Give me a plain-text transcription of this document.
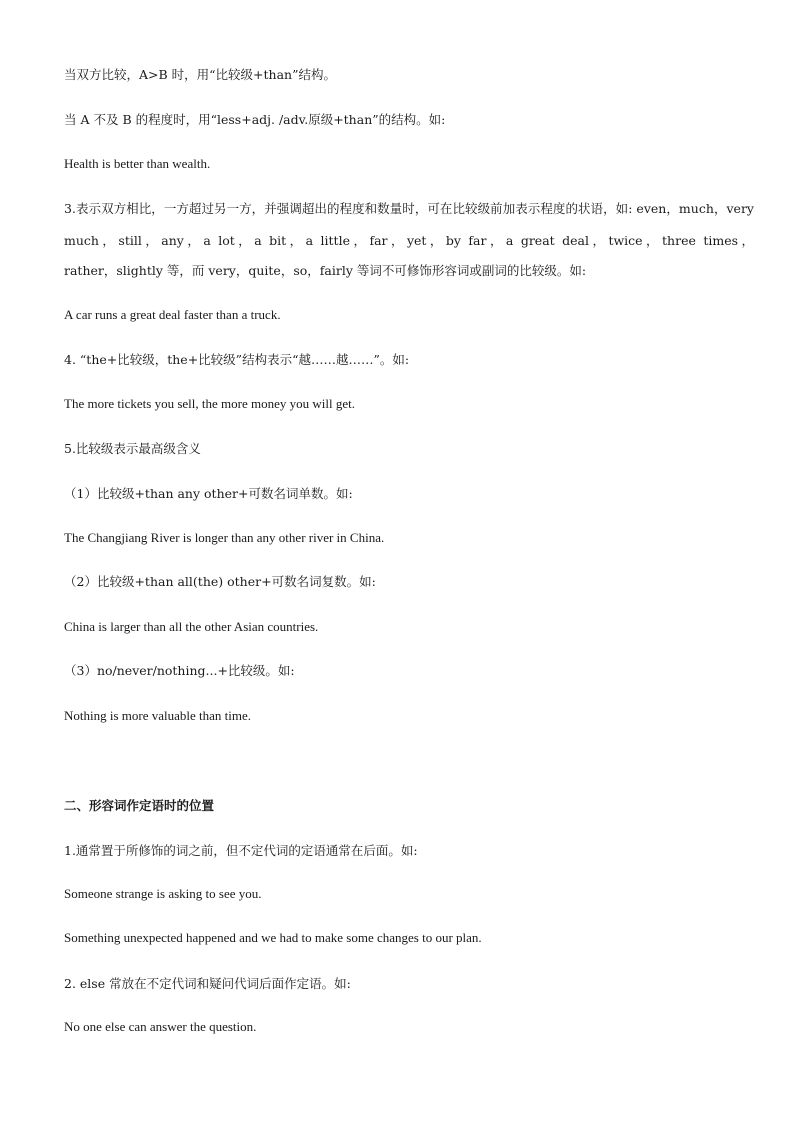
当双方比较，A>B 时，用“比较级+than”结构。
当 A 不及 B 的程度时，用“less+adj. /adv.原级+than”的结构。如:
Health is better than wealth.
3.表示双方相比，一方超过另一方，并强调超出的程度和数量时，可在比较级前加表示程度的状语，如: even，much，very much，still，any，a lot，a bit，a little，far，yet，by far，a great deal，twice，three times，
rather，slightly 等，而 very，quite，so，fairly 等词不可修饰形容词或副词的比较级。如:
A car runs a great deal faster than a truck.
4. “the+比较级，the+比较级”结构表示“越……越……”。如:
The more tickets you sell, the more money you will get.
5.比较级表示最高级含义
（1）比较级+than any other+可数名词单数。如:
The Changjiang River is longer than any other river in China.
（2）比较级+than all(the) other+可数名词复数。如:
China is larger than all the other Asian countries.
（3）no/never/nothing...+比较级。如:
Nothing is more valuable than time.
二、形容词作定语时的位置
1.通常置于所修饰的词之前，但不定代词的定语通常在后面。如:
Someone strange is asking to see you.
Something unexpected happened and we had to make some changes to our plan.
2. else 常放在不定代词和疑问代词后面作定语。如:
No one else can answer the question.
